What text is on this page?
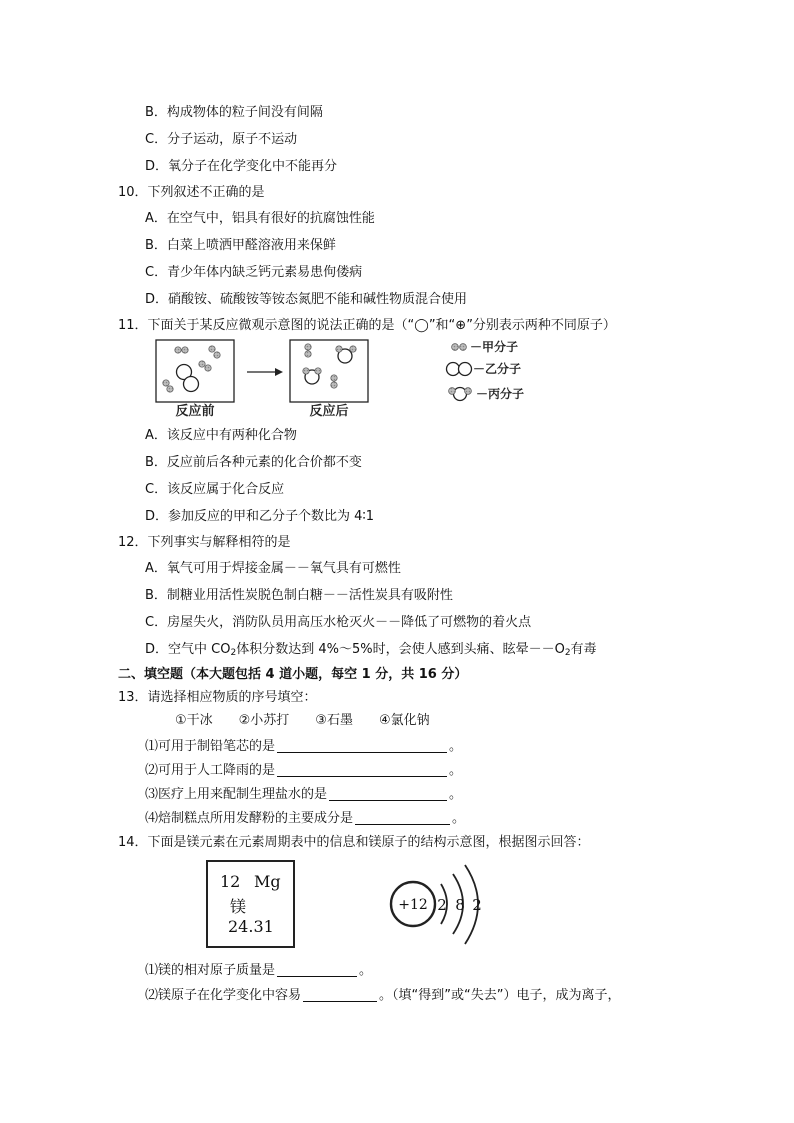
B．构成物体的粒子间没有间隔
C．分子运动，原子不运动
D．氧分子在化学变化中不能再分
10．下列叙述不正确的是
A．在空气中，铝具有很好的抗腐蚀性能
B．白菜上喷洒甲醛溶液用来保鲜
C．青少年体内缺乏钙元素易患佝偻病
D．硝酸铵、硫酸铵等铵态氮肥不能和碱性物质混合使用
11．下面关于某反应微观示意图的说法正确的是（“◯”和“⊕”分别表示两种不同原子）
反应前	反应后
－甲分子
－乙分子
－丙分子
A．该反应中有两种化合物
B．反应前后各种元素的化合价都不变
C．该反应属于化合反应
D．参加反应的甲和乙分子个数比为 4∶1
12．下列事实与解释相符的是
A．氧气可用于焊接金属－－氧气具有可燃性
B．制糖业用活性炭脱色制白糖－－活性炭具有吸附性
C．房屋失火，消防队员用高压水枪灭火－－降低了可燃物的着火点
D．空气中 $CO_2$体积分数达到 4%～5%时，会使人感到头痛、眩晕$--O_2$有毒
二、填空题（本大题包括 4 道小题，每空 1 分，共 16 分）
13．请选择相应物质的序号填空：
①干冰　　②小苏打　　③石墨　　④氯化钠
⑴可用于制铅笔芯的是	。
⑵可用于人工降雨的是	。
⑶医疗上用来配制生理盐水的是	。
⑷焙制糕点所用发酵粉的主要成分是	。
14．下面是镁元素在元素周期表中的信息和镁原子的结构示意图，根据图示回答：
12 Mg
镁
24.31
+12 2 8 2
⑴镁的相对原子质量是	。
⑵镁原子在化学变化中容易	。（填“得到”或“失去”）电子，成为离子，
